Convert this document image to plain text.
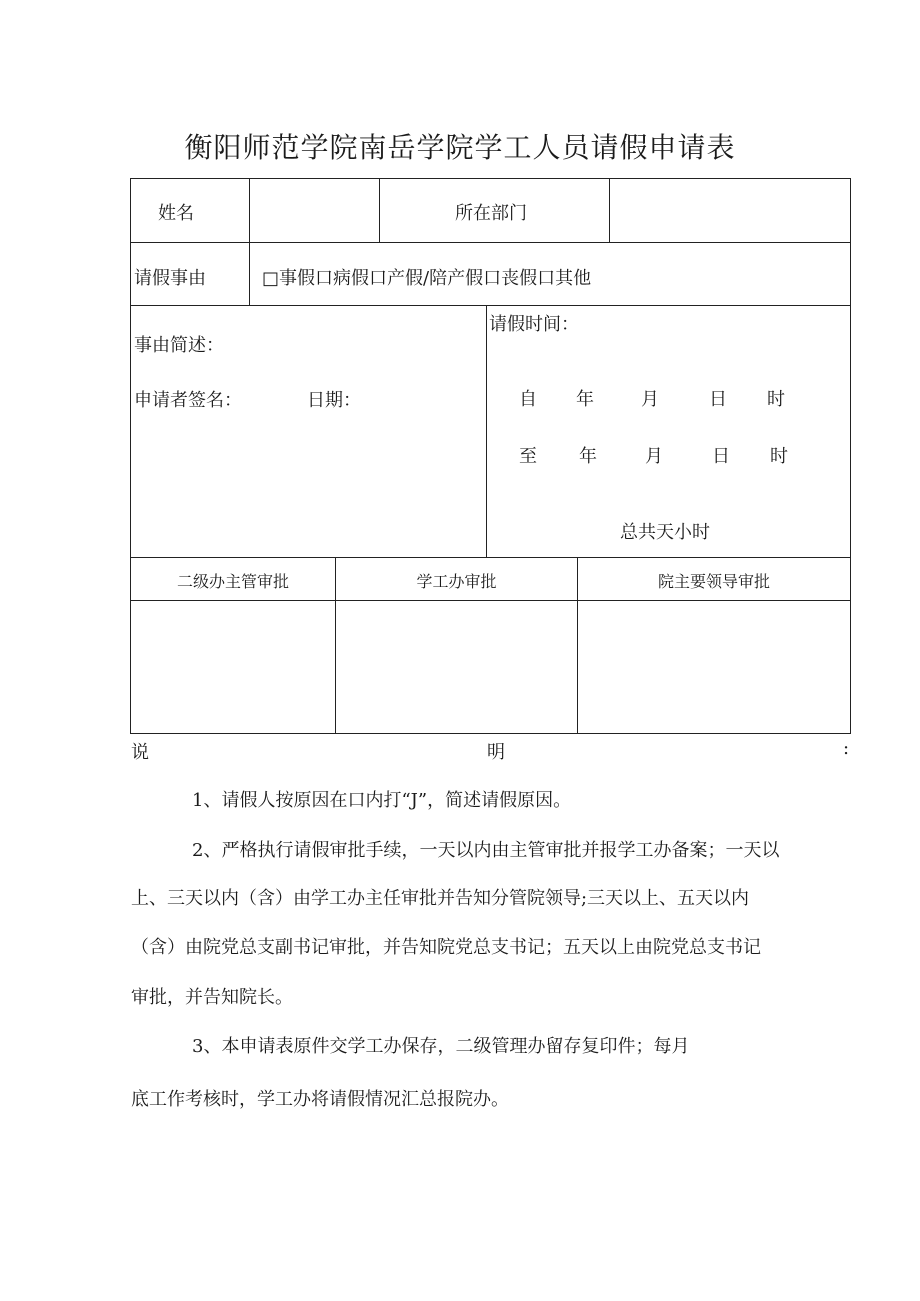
衡阳师范学院南岳学院学工人员请假申请表
姓名	所在部门
请假事由	□事假口病假口产假/陪产假口丧假口其他
事由简述：
申请者签名：	日期：
请假时间：
自 年	月	日 时
至 年	月	日 时
总共天小时
二级办主管审批	学工办审批	院主要领导审批
说	明	:
1、请假人按原因在口内打“J”，简述请假原因。
2、严格执行请假审批手续，一天以内由主管审批并报学工办备案；一天以
上、三天以内（含）由学工办主任审批并告知分管院领导;三天以上、五天以内
（含）由院党总支副书记审批，并告知院党总支书记；五天以上由院党总支书记
审批，并告知院长。
3、本申请表原件交学工办保存，二级管理办留存复印件；每月
底工作考核时，学工办将请假情况汇总报院办。
